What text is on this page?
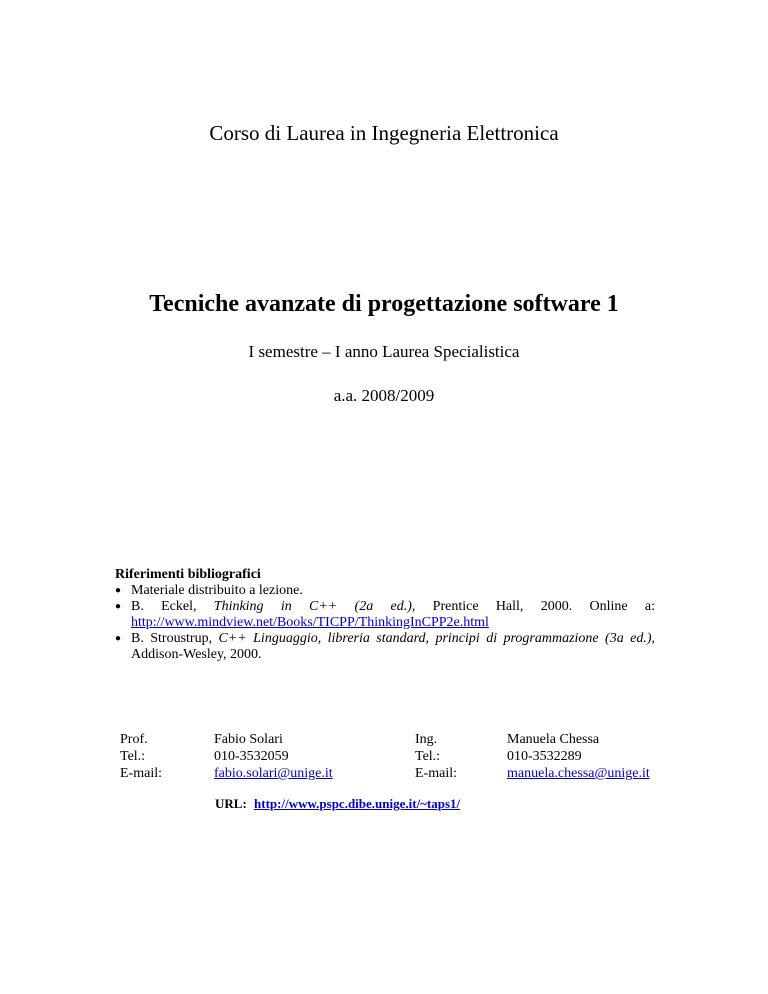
Corso di Laurea in Ingegneria Elettronica
Tecniche avanzate di progettazione software 1
I semestre – I anno Laurea Specialistica
a.a. 2008/2009
Riferimenti bibliografici
● Materiale distribuito a lezione.
● B. Eckel, Thinking in C++ (2a ed.), Prentice Hall, 2000. Online a: http://www.mindview.net/Books/TICPP/ThinkingInCPP2e.html
● B. Stroustrup, C++ Linguaggio, libreria standard, principi di programmazione (3a ed.), Addison-Wesley, 2000.
Prof.
Tel.:
E-mail:
Fabio Solari
010-3532059
fabio.solari@unige.it
Ing.
Tel.:
E-mail:
Manuela Chessa
010-3532289
manuela.chessa@unige.it
URL: http://www.pspc.dibe.unige.it/~taps1/
